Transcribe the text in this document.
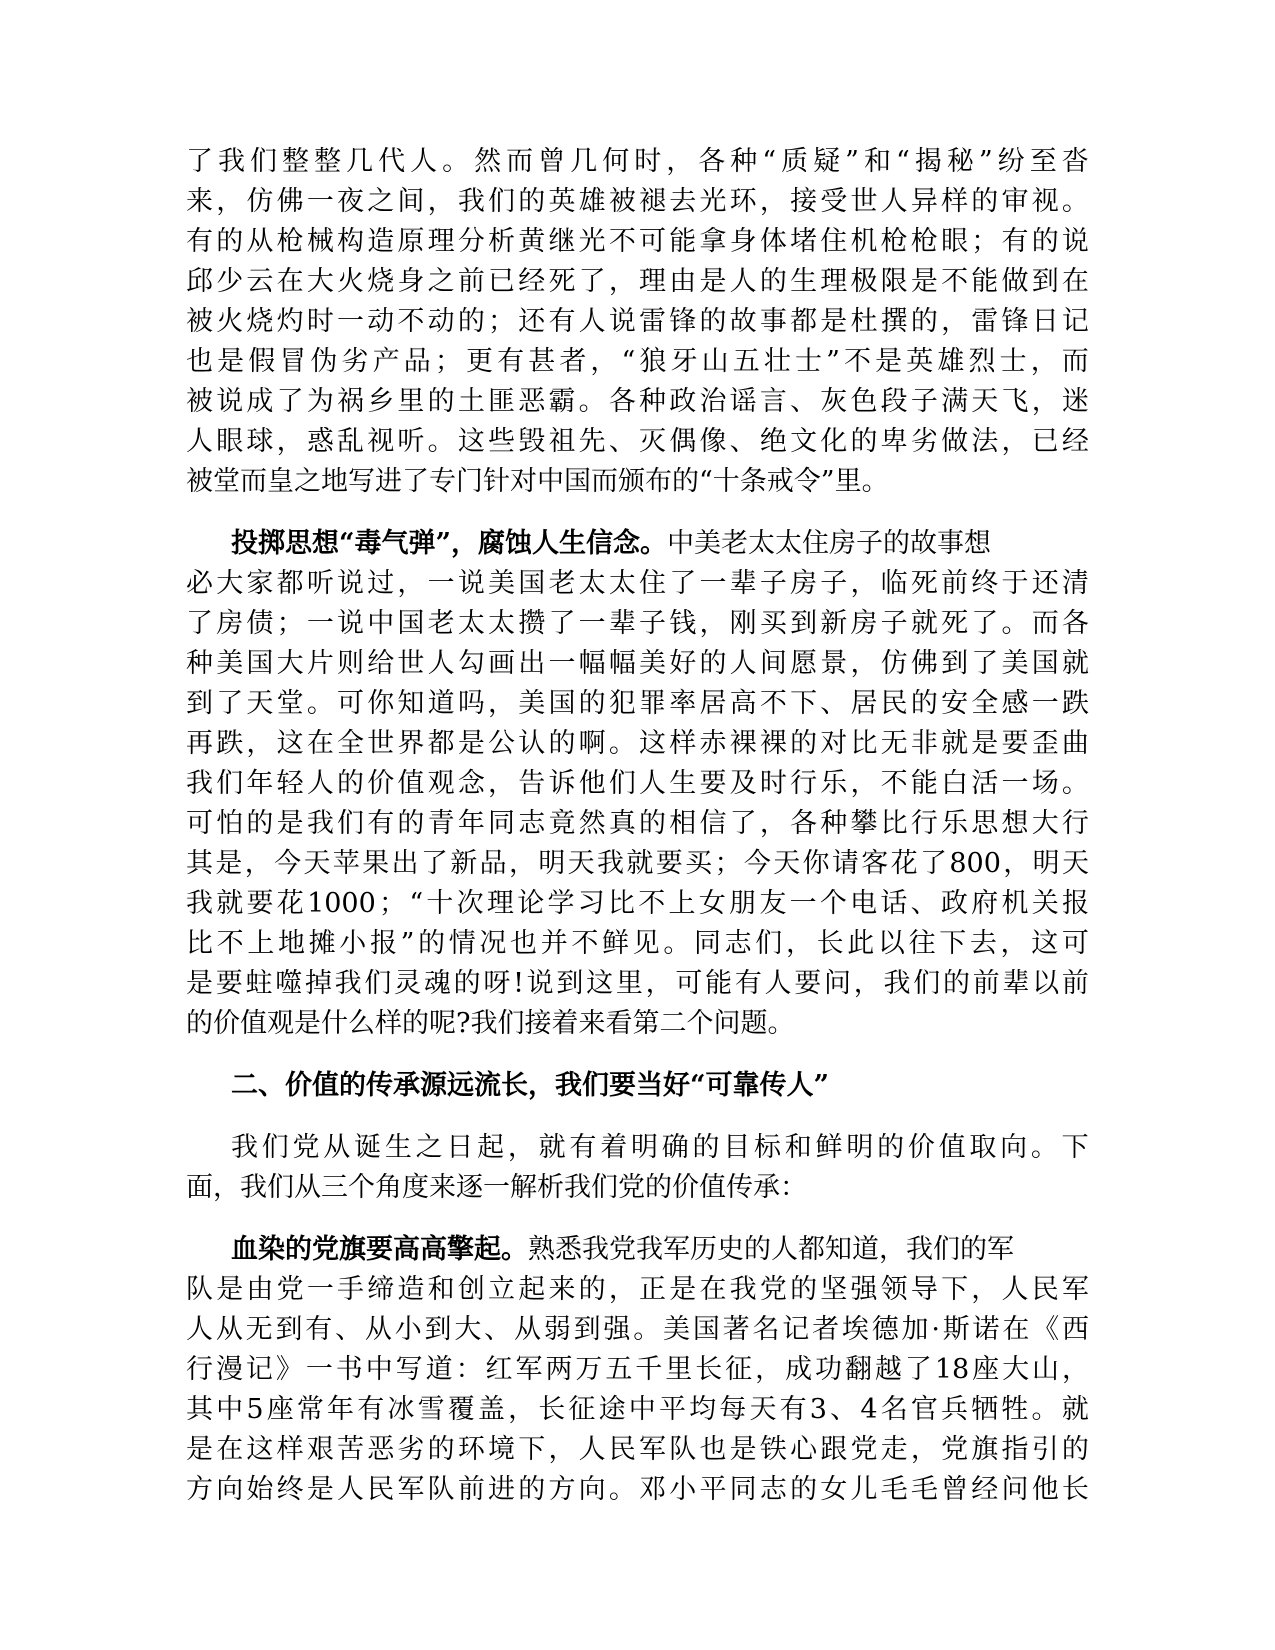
了 我 们 整 整 几 代 人 。 然 而 曾 几 何 时 ， 各 种 “ 质 疑 ” 和 “ 揭 秘 ” 纷 至 沓
来 ， 仿 佛 一 夜 之 间 ， 我 们 的 英 雄 被 褪 去 光 环 ， 接 受 世 人 异 样 的 审 视 。
有 的 从 枪 械 构 造 原 理 分 析 黄 继 光 不 可 能 拿 身 体 堵 住 机 枪 枪 眼 ； 有 的 说
邱 少 云 在 大 火 烧 身 之 前 已 经 死 了 ， 理 由 是 人 的 生 理 极 限 是 不 能 做 到 在
被 火 烧 灼 时 一 动 不 动 的 ； 还 有 人 说 雷 锋 的 故 事 都 是 杜 撰 的 ， 雷 锋 日 记
也 是 假 冒 伪 劣 产 品 ； 更 有 甚 者 ， “ 狼 牙 山 五 壮 士 ” 不 是 英 雄 烈 士 ， 而
被 说 成 了 为 祸 乡 里 的 土 匪 恶 霸 。 各 种 政 治 谣 言 、 灰 色 段 子 满 天 飞 ， 迷
人 眼 球 ， 惑 乱 视 听 。 这 些 毁 祖 先 、 灭 偶 像 、 绝 文 化 的 卑 劣 做 法 ， 已 经
被堂而皇之地写进了专门针对中国而颁布的“十条戒令”里。
投掷思想“毒气弹”，腐蚀人生信念。 中美老太太住房子的故事想
必 大 家 都 听 说 过 ， 一 说 美 国 老 太 太 住 了 一 辈 子 房 子 ， 临 死 前 终 于 还 清
了 房 债 ； 一 说 中 国 老 太 太 攒 了 一 辈 子 钱 ， 刚 买 到 新 房 子 就 死 了 。 而 各
种 美 国 大 片 则 给 世 人 勾 画 出 一 幅 幅 美 好 的 人 间 愿 景 ， 仿 佛 到 了 美 国 就
到 了 天 堂 。 可 你 知 道 吗 ， 美 国 的 犯 罪 率 居 高 不 下 、 居 民 的 安 全 感 一 跌
再 跌 ， 这 在 全 世 界 都 是 公 认 的 啊 。 这 样 赤 裸 裸 的 对 比 无 非 就 是 要 歪 曲
我 们 年 轻 人 的 价 值 观 念 ， 告 诉 他 们 人 生 要 及 时 行 乐 ， 不 能 白 活 一 场 。
可 怕 的 是 我 们 有 的 青 年 同 志 竟 然 真 的 相 信 了 ， 各 种 攀 比 行 乐 思 想 大 行
其 是 ， 今 天 苹 果 出 了 新 品 ， 明 天 我 就 要 买 ； 今 天 你 请 客 花 了 800 ， 明 天
我 就 要 花 1000 ； “ 十 次 理 论 学 习 比 不 上 女 朋 友 一 个 电 话 、 政 府 机 关 报
比 不 上 地 摊 小 报 ” 的 情 况 也 并 不 鲜 见 。 同 志 们 ， 长 此 以 往 下 去 ， 这 可
是 要 蛀 噬 掉 我 们 灵 魂 的 呀 ! 说 到 这 里 ， 可 能 有 人 要 问 ， 我 们 的 前 辈 以 前
的价值观是什么样的呢?我们接着来看第二个问题。
二、价值的传承源远流长，我们要当好“可靠传人”
我 们 党 从 诞 生 之 日 起 ， 就 有 着 明 确 的 目 标 和 鲜 明 的 价 值 取 向 。 下
面，我们从三个角度来逐一解析我们党的价值传承：
血染的党旗要高高擎起。 熟悉我党我军历史的人都知道，我们的军
队 是 由 党 一 手 缔 造 和 创 立 起 来 的 ， 正 是 在 我 党 的 坚 强 领 导 下 ， 人 民 军
人 从 无 到 有 、 从 小 到 大 、 从 弱 到 强 。 美 国 著 名 记 者 埃 德 加 · 斯 诺 在 《 西
行 漫 记 》 一 书 中 写 道 ： 红 军 两 万 五 千 里 长 征 ， 成 功 翻 越 了 18 座 大 山 ，
其 中 5 座 常 年 有 冰 雪 覆 盖 ， 长 征 途 中 平 均 每 天 有 3 、 4 名 官 兵 牺 牲 。 就
是 在 这 样 艰 苦 恶 劣 的 环 境 下 ， 人 民 军 队 也 是 铁 心 跟 党 走 ， 党 旗 指 引 的
方 向 始 终 是 人 民 军 队 前 进 的 方 向 。 邓 小 平 同 志 的 女 儿 毛 毛 曾 经 问 他 长
